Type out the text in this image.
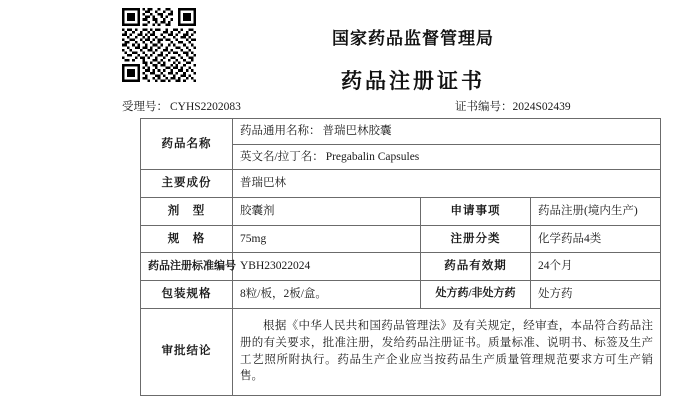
国家药品监督管理局
药品注册证书
受理号： CYHS2202083	证书编号：2024S02439
药品名称	药品通用名称： 普瑞巴林胶囊
英文名/拉丁名： Pregabalin Capsules		

主要成份	普瑞巴林		
剂　型	胶囊剂	申请事项	药品注册(境内生产)
规　格	75mg	注册分类	化学药品4类
药品注册标准编号	YBH23022024	药品有效期	24个月
包装规格	8粒/板，2板/盒。	处方药/非处方药	处方药
审批结论	根据《中华人民共和国药品管理法》及有关规定，经审查，本品符合药品注册的有关要求，批准注册，发给药品注册证书。质量标准、说明书、标签及生产工艺照所附执行。药品生产企业应当按药品生产质量管理规范要求方可生产销售。		
